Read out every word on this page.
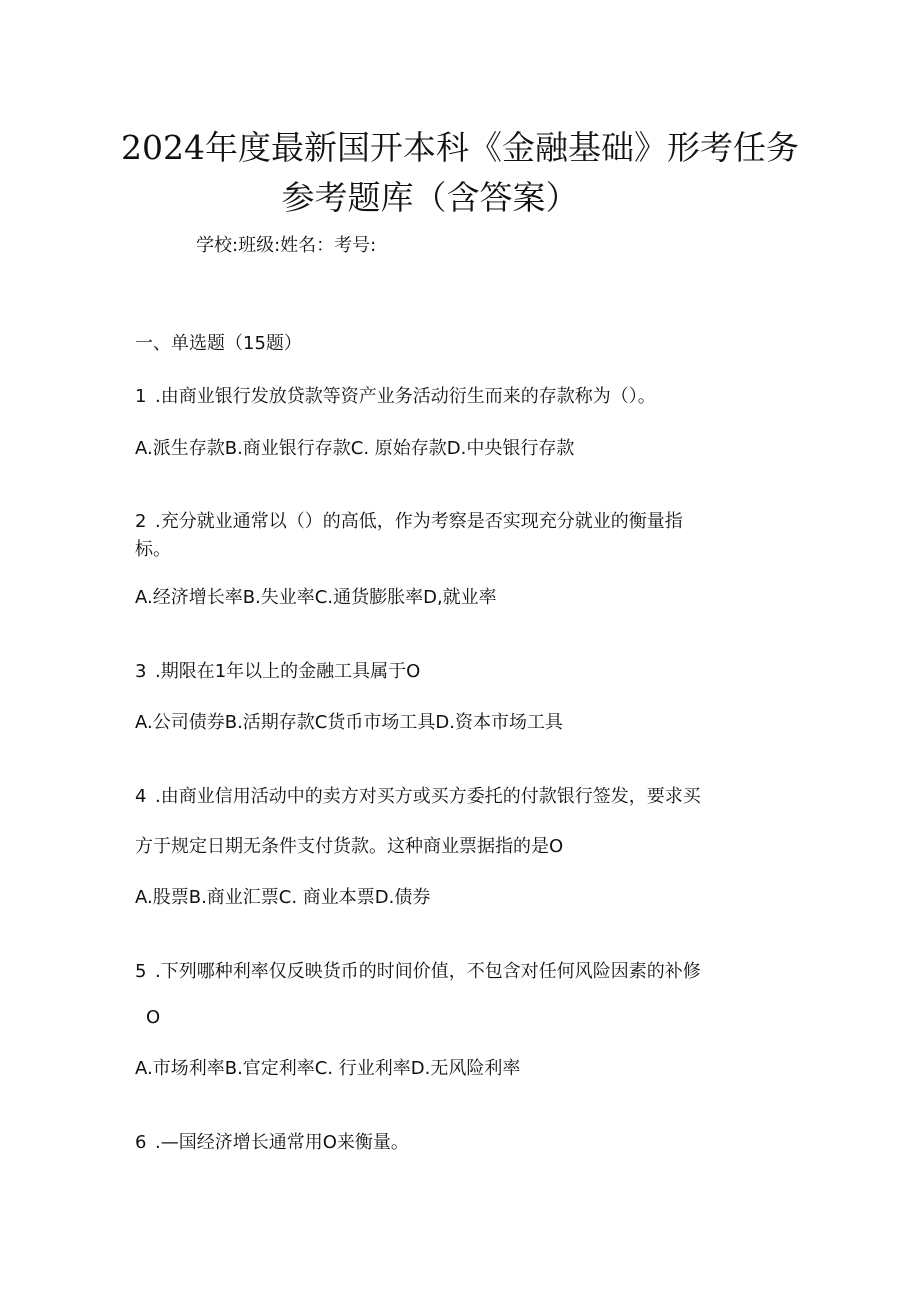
2024年度最新国开本科《金融基础》形考任务
参考题库（含答案）
学校:班级:姓名：考号:
一、单选题（15题）
1 .由商业银行发放贷款等资产业务活动衍生而来的存款称为（）。
A.派生存款B.商业银行存款C. 原始存款D.中央银行存款
2 .充分就业通常以（）的高低，作为考察是否实现充分就业的衡量指
标。
A.经济增长率B.失业率C.通货膨胀率D,就业率
3 .期限在1年以上的金融工具属于O
A.公司债券B.活期存款C货币市场工具D.资本市场工具
4 .由商业信用活动中的卖方对买方或买方委托的付款银行签发，要求买
方于规定日期无条件支付货款。这种商业票据指的是O
A.股票B.商业汇票C. 商业本票D.债券
5 .下列哪种利率仅反映货币的时间价值，不包含对任何风险因素的补修
O
A.市场利率B.官定利率C. 行业利率D.无风险利率
6 .—国经济增长通常用O来衡量。
